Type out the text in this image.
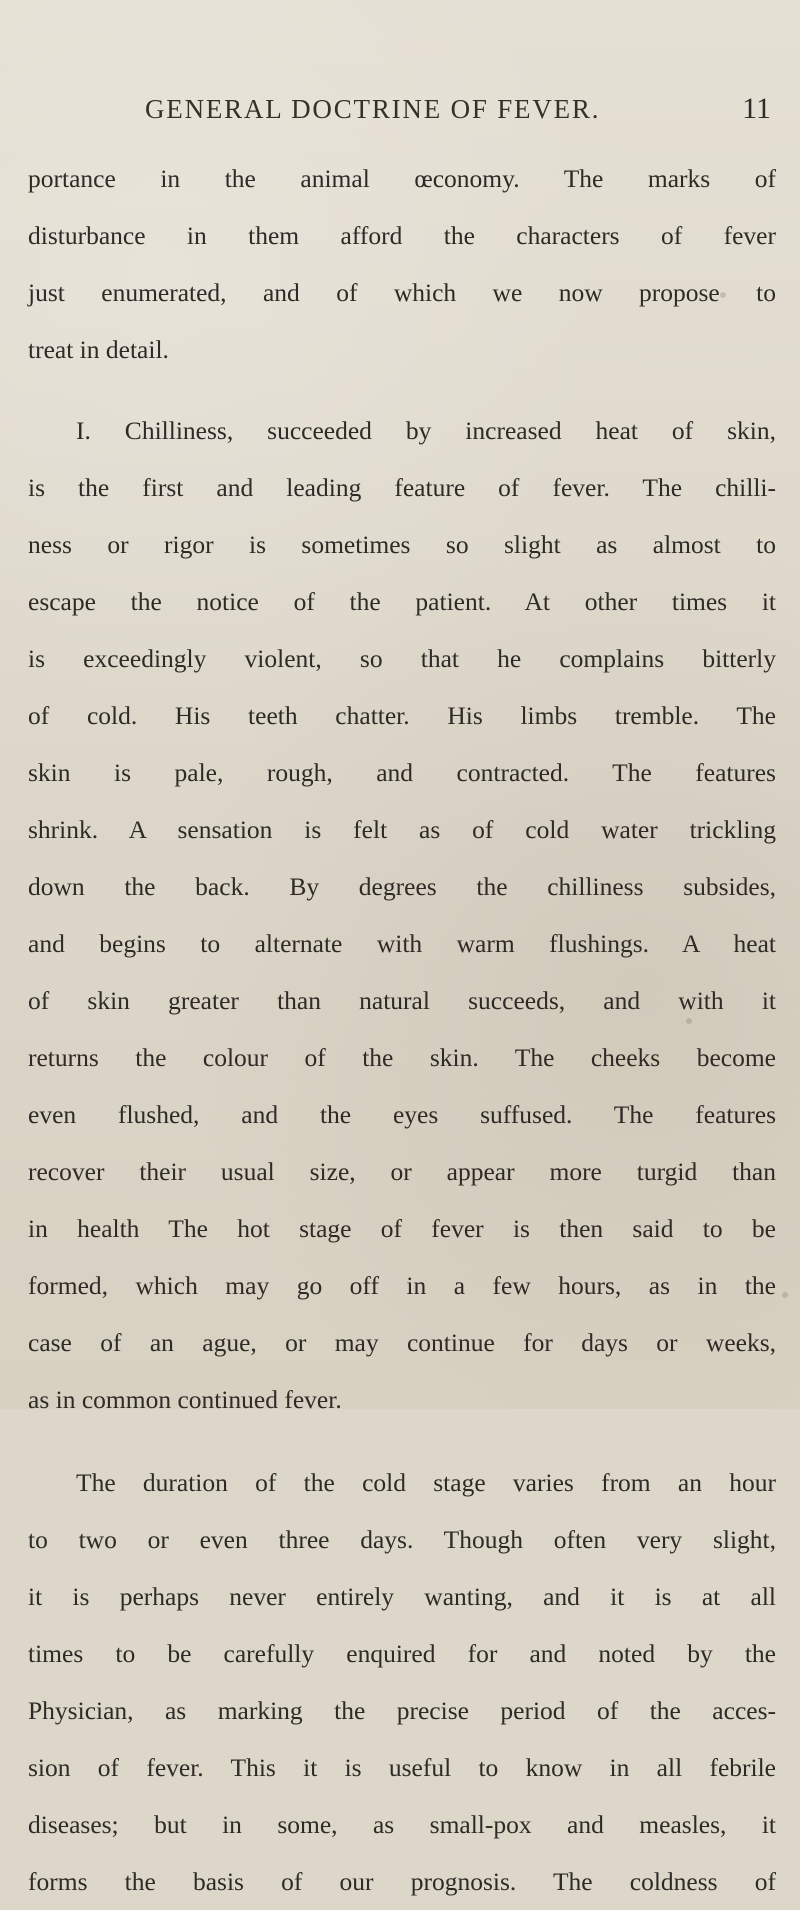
GENERAL DOCTRINE OF FEVER.	11
portance in the animal œconomy. The marks of
disturbance in them afford the characters of fever
just enumerated, and of which we now propose to
treat in detail.
I. Chilliness, succeeded by increased heat of skin,
is the first and leading feature of fever. The chilli-
ness or rigor is sometimes so slight as almost to
escape the notice of the patient. At other times it
is exceedingly violent, so that he complains bitterly
of cold. His teeth chatter. His limbs tremble. The
skin is pale, rough, and contracted. The features
shrink. A sensation is felt as of cold water trickling
down the back. By degrees the chilliness subsides,
and begins to alternate with warm flushings. A heat
of skin greater than natural succeeds, and with it
returns the colour of the skin. The cheeks become
even flushed, and the eyes suffused. The features
recover their usual size, or appear more turgid than
in health The hot stage of fever is then said to be
formed, which may go off in a few hours, as in the
case of an ague, or may continue for days or weeks,
as in common continued fever.
The duration of the cold stage varies from an hour
to two or even three days. Though often very slight,
it is perhaps never entirely wanting, and it is at all
times to be carefully enquired for and noted by the
Physician, as marking the precise period of the acces-
sion of fever. This it is useful to know in all febrile
diseases; but in some, as small-pox and measles, it
forms the basis of our prognosis. The coldness of
